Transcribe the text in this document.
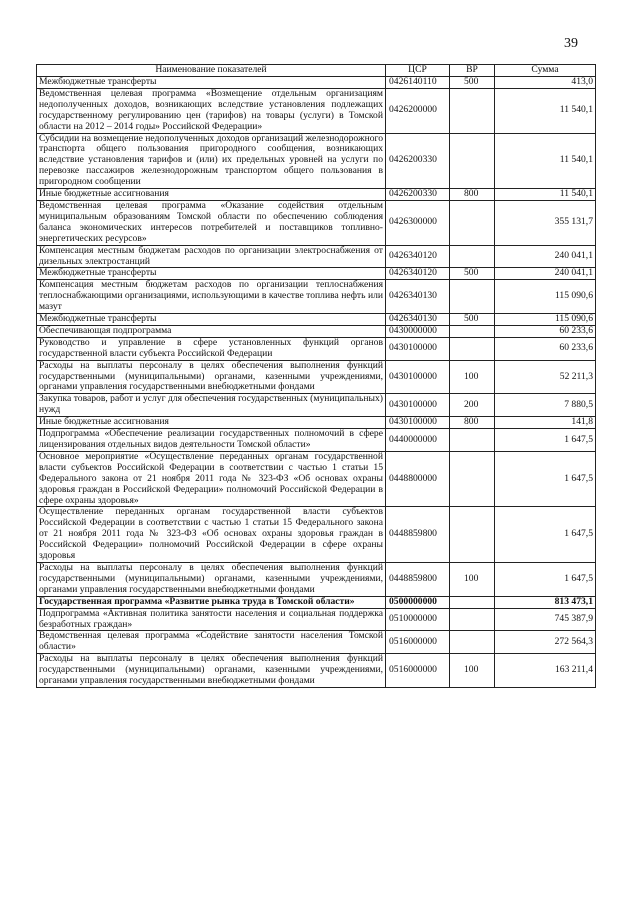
39
Наименование показателей	ЦСР	ВР	Сумма
Межбюджетные трансферты	0426140110	500	413,0
Ведомственная целевая программа «Возмещение отдельным организациям недополученных доходов, возникающих вследствие установления подлежащих государственному регулированию цен (тарифов) на товары (услуги) в Томской области на 2012 – 2014 годы» Российской Федерации»	0426200000		11 540,1
Субсидии на возмещение недополученных доходов организаций железнодорожного транспорта общего пользования пригородного сообщения, возникающих вследствие установления тарифов и (или) их предельных уровней на услуги по перевозке пассажиров железнодорожным транспортом общего пользования в пригородном сообщении	0426200330		11 540,1
Иные бюджетные ассигнования	0426200330	800	11 540,1
Ведомственная целевая программа «Оказание содействия отдельным муниципальным образованиям Томской области по обеспечению соблюдения баланса экономических интересов потребителей и поставщиков топливно-энергетических ресурсов»	0426300000		355 131,7
Компенсация местным бюджетам расходов по организации электроснабжения от дизельных электростанций	0426340120		240 041,1
Межбюджетные трансферты	0426340120	500	240 041,1
Компенсация местным бюджетам расходов по организации теплоснабжения теплоснабжающими организациями, использующими в качестве топлива нефть или мазут	0426340130		115 090,6
Межбюджетные трансферты	0426340130	500	115 090,6
Обеспечивающая подпрограмма	0430000000		60 233,6
Руководство и управление в сфере установленных функций органов государственной власти субъекта Российской Федерации	0430100000		60 233,6
Расходы на выплаты персоналу в целях обеспечения выполнения функций государственными (муниципальными) органами, казенными учреждениями, органами управления государственными внебюджетными фондами	0430100000	100	52 211,3
Закупка товаров, работ и услуг для обеспечения государственных (муниципальных) нужд	0430100000	200	7 880,5
Иные бюджетные ассигнования	0430100000	800	141,8
Подпрограмма «Обеспечение реализации государственных полномочий в сфере лицензирования отдельных видов деятельности Томской области»	0440000000		1 647,5
Основное мероприятие «Осуществление переданных органам государственной власти субъектов Российской Федерации в соответствии с частью 1 статьи 15 Федерального закона от 21 ноября 2011 года № 323-ФЗ «Об основах охраны здоровья граждан в Российской Федерации» полномочий Российской Федерации в сфере охраны здоровья»	0448800000		1 647,5
Осуществление переданных органам государственной власти субъектов Российской Федерации в соответствии с частью 1 статьи 15 Федерального закона от 21 ноября 2011 года № 323-ФЗ «Об основах охраны здоровья граждан в Российской Федерации» полномочий Российской Федерации в сфере охраны здоровья	0448859800		1 647,5
Расходы на выплаты персоналу в целях обеспечения выполнения функций государственными (муниципальными) органами, казенными учреждениями, органами управления государственными внебюджетными фондами	0448859800	100	1 647,5
Государственная программа «Развитие рынка труда в Томской области»	0500000000		813 473,1
Подпрограмма «Активная политика занятости населения и социальная поддержка безработных граждан»	0510000000		745 387,9
Ведомственная целевая программа «Содействие занятости населения Томской области»	0516000000		272 564,3
Расходы на выплаты персоналу в целях обеспечения выполнения функций государственными (муниципальными) органами, казенными учреждениями, органами управления государственными внебюджетными фондами	0516000000	100	163 211,4
